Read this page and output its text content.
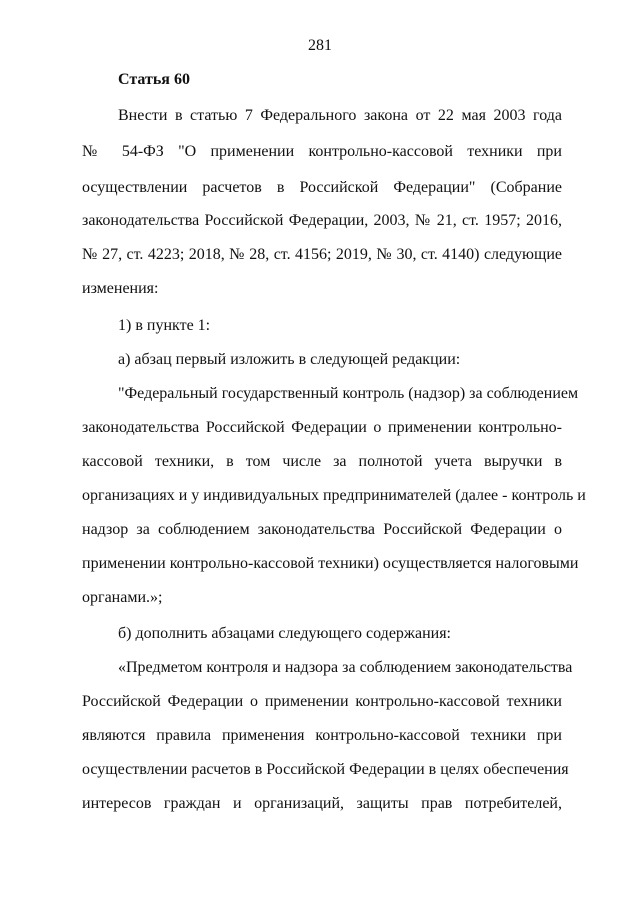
281
Статья 60
Внести в статью 7 Федерального закона от 22 мая 2003 года
№ 54-ФЗ "О применении контрольно-кассовой техники при
осуществлении расчетов в Российской Федерации" (Собрание
законодательства Российской Федерации, 2003, № 21, ст. 1957; 2016,
№ 27, ст. 4223; 2018, № 28, ст. 4156; 2019, № 30, ст. 4140) следующие
изменения:
1) в пункте 1:
а) абзац первый изложить в следующей редакции:
"Федеральный государственный контроль (надзор) за соблюдением
законодательства Российской Федерации о применении контрольно-
кассовой техники, в том числе за полнотой учета выручки в
организациях и у индивидуальных предпринимателей (далее - контроль и
надзор за соблюдением законодательства Российской Федерации о
применении контрольно-кассовой техники) осуществляется налоговыми
органами.»;
б) дополнить абзацами следующего содержания:
«Предметом контроля и надзора за соблюдением законодательства
Российской Федерации о применении контрольно-кассовой техники
являются правила применения контрольно-кассовой техники при
осуществлении расчетов в Российской Федерации в целях обеспечения
интересов граждан и организаций, защиты прав потребителей,
